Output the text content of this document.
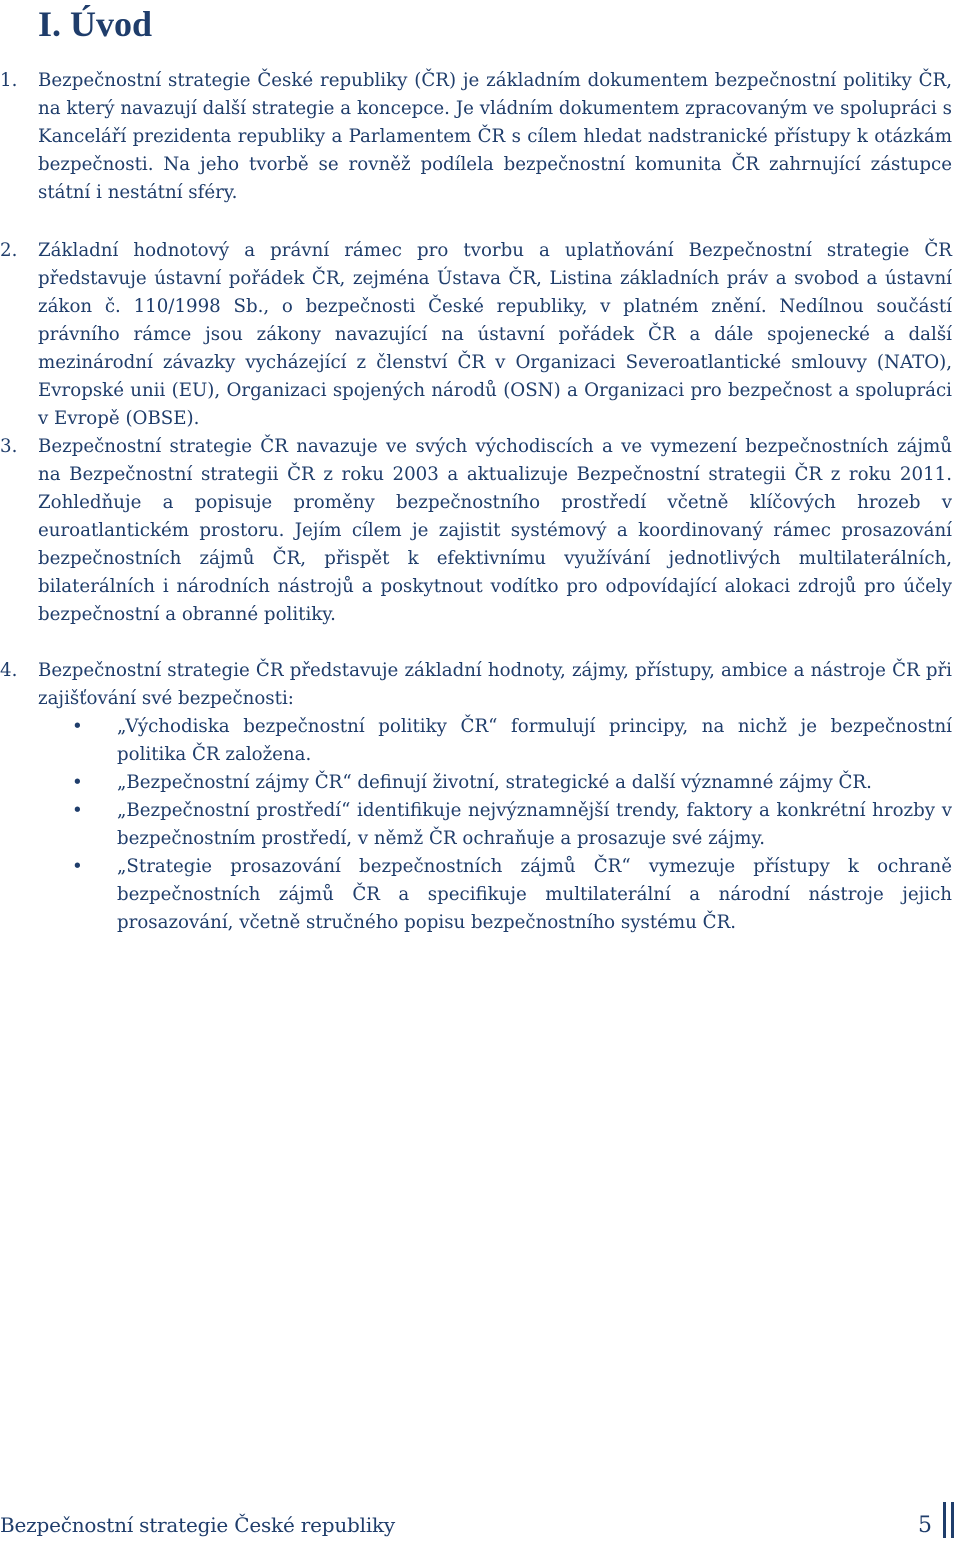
I. Úvod
1.	Bezpečnostní strategie České republiky (ČR) je základním dokumentem bezpečnostní politiky ČR, na který navazují další strategie a koncepce. Je vládním dokumentem zpracovaným ve spolupráci s Kanceláří prezidenta republiky a Parlamentem ČR s cílem hledat nadstranické přístupy k otázkám bezpečnosti. Na jeho tvorbě se rovněž podílela bezpečnostní komunita ČR zahrnující zástupce státní i nestátní sféry.
2.	Základní hodnotový a právní rámec pro tvorbu a uplatňování Bezpečnostní strategie ČR představuje ústavní pořádek ČR, zejména Ústava ČR, Listina základních práv a svobod a ústavní zákon č. 110/1998 Sb., o bezpečnosti České republiky, v platném znění. Nedílnou součástí právního rámce jsou zákony navazující na ústavní pořádek ČR a dále spojenecké a další mezinárodní závazky vycházející z členství ČR v Organizaci Severoatlantické smlouvy (NATO), Evropské unii (EU), Organizaci spojených národů (OSN) a Organizaci pro bezpečnost a spolupráci v Evropě (OBSE).
3.	Bezpečnostní strategie ČR navazuje ve svých východiscích a ve vymezení bezpečnostních zájmů na Bezpečnostní strategii ČR z roku 2003 a aktualizuje Bezpečnostní strategii ČR z roku 2011. Zohledňuje a popisuje proměny bezpečnostního prostředí včetně klíčových hrozeb v euroatlantickém prostoru. Jejím cílem je zajistit systémový a koordinovaný rámec prosazování bezpečnostních zájmů ČR, přispět k efektivnímu využívání jednotlivých multilaterálních, bilaterálních i národních nástrojů a poskytnout vodítko pro odpovídající alokaci zdrojů pro účely bezpečnostní a obranné politiky.
4.	Bezpečnostní strategie ČR představuje základní hodnoty, zájmy, přístupy, ambice a nástroje ČR při zajišťování své bezpečnosti:
• „Východiska bezpečnostní politiky ČR“ formulují principy, na nichž je bezpečnostní politika ČR založena.
• „Bezpečnostní zájmy ČR“ definují životní, strategické a další významné zájmy ČR.
• „Bezpečnostní prostředí“ identifikuje nejvýznamnější trendy, faktory a konkrétní hrozby v bezpečnostním prostředí, v němž ČR ochraňuje a prosazuje své zájmy.
• „Strategie prosazování bezpečnostních zájmů ČR“ vymezuje přístupy k ochraně bezpečnostních zájmů ČR a specifikuje multilaterální a národní nástroje jejich prosazování, včetně stručného popisu bezpečnostního systému ČR.
Bezpečnostní strategie České republiky	5
